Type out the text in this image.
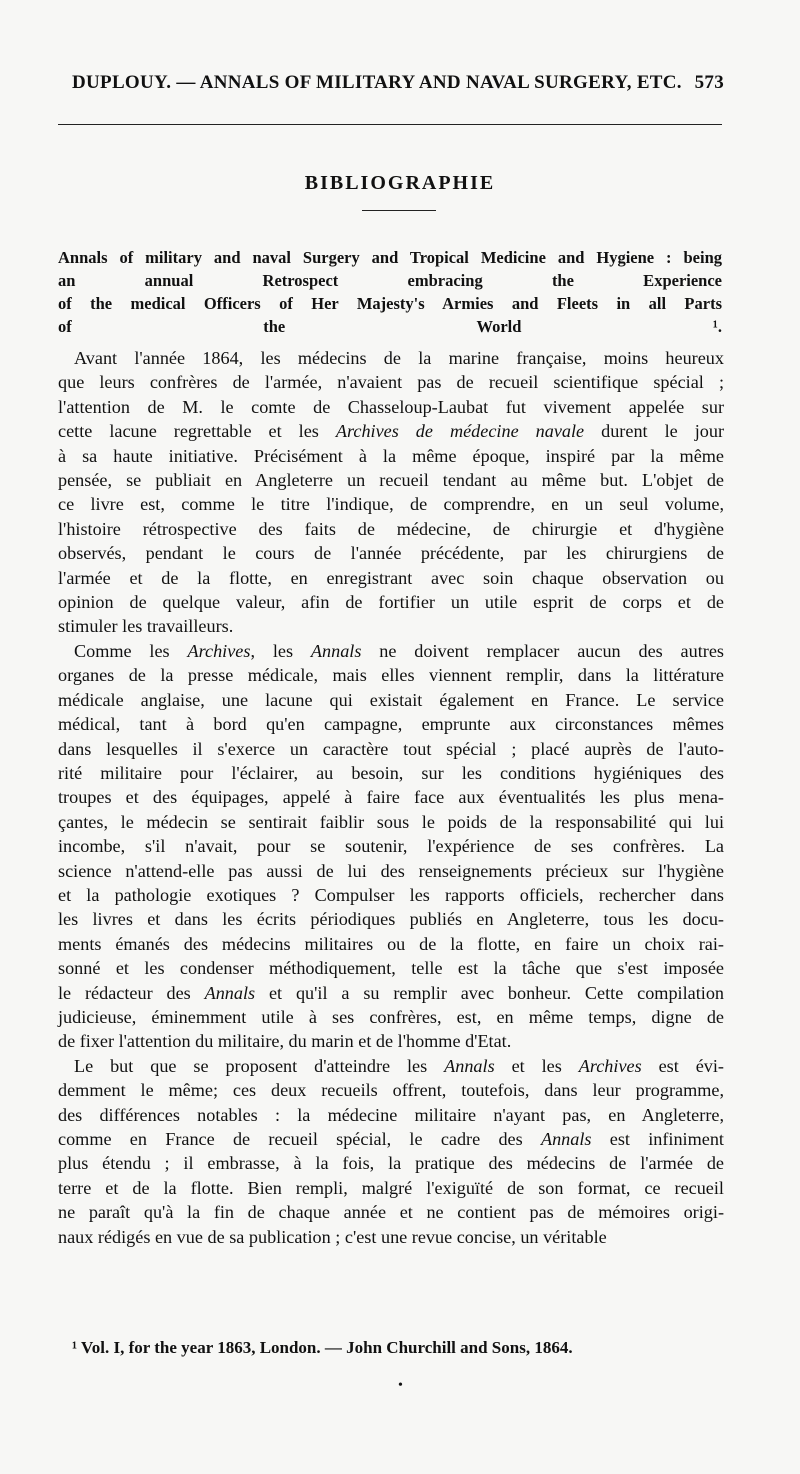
DUPLOUY. — ANNALS OF MILITARY AND NAVAL SURGERY, ETC. 573
BIBLIOGRAPHIE
Annals of military and naval Surgery and Tropical Medicine and Hygiene : being
an annual Retrospect embracing the Experience
of the medical Officers of Her Majesty's Armies and Fleets in all Parts
of the World ¹.
Avant l'année 1864, les médecins de la marine française, moins heureux
que leurs confrères de l'armée, n'avaient pas de recueil scientifique spécial ;
l'attention de M. le comte de Chasseloup-Laubat fut vivement appelée sur
cette lacune regrettable et les Archives de médecine navale durent le jour
à sa haute initiative. Précisément à la même époque, inspiré par la même
pensée, se publiait en Angleterre un recueil tendant au même but. L'objet de
ce livre est, comme le titre l'indique, de comprendre, en un seul volume,
l'histoire rétrospective des faits de médecine, de chirurgie et d'hygiène
observés, pendant le cours de l'année précédente, par les chirurgiens de
l'armée et de la flotte, en enregistrant avec soin chaque observation ou
opinion de quelque valeur, afin de fortifier un utile esprit de corps et de
stimuler les travailleurs.
Comme les Archives, les Annals ne doivent remplacer aucun des autres
organes de la presse médicale, mais elles viennent remplir, dans la littérature
médicale anglaise, une lacune qui existait également en France. Le service
médical, tant à bord qu'en campagne, emprunte aux circonstances mêmes
dans lesquelles il s'exerce un caractère tout spécial ; placé auprès de l'auto-
rité militaire pour l'éclairer, au besoin, sur les conditions hygiéniques des
troupes et des équipages, appelé à faire face aux éventualités les plus mena-
çantes, le médecin se sentirait faiblir sous le poids de la responsabilité qui lui
incombe, s'il n'avait, pour se soutenir, l'expérience de ses confrères. La
science n'attend-elle pas aussi de lui des renseignements précieux sur l'hygiène
et la pathologie exotiques ? Compulser les rapports officiels, rechercher dans
les livres et dans les écrits périodiques publiés en Angleterre, tous les docu-
ments émanés des médecins militaires ou de la flotte, en faire un choix rai-
sonné et les condenser méthodiquement, telle est la tâche que s'est imposée
le rédacteur des Annals et qu'il a su remplir avec bonheur. Cette compilation
judicieuse, éminemment utile à ses confrères, est, en même temps, digne de
de fixer l'attention du militaire, du marin et de l'homme d'Etat.
Le but que se proposent d'atteindre les Annals et les Archives est évi-
demment le même; ces deux recueils offrent, toutefois, dans leur programme,
des différences notables : la médecine militaire n'ayant pas, en Angleterre,
comme en France de recueil spécial, le cadre des Annals est infiniment
plus étendu ; il embrasse, à la fois, la pratique des médecins de l'armée de
terre et de la flotte. Bien rempli, malgré l'exiguïté de son format, ce recueil
ne paraît qu'à la fin de chaque année et ne contient pas de mémoires origi-
naux rédigés en vue de sa publication ; c'est une revue concise, un véritable
¹ Vol. I, for the year 1863, London. — John Churchill and Sons, 1864.
•
